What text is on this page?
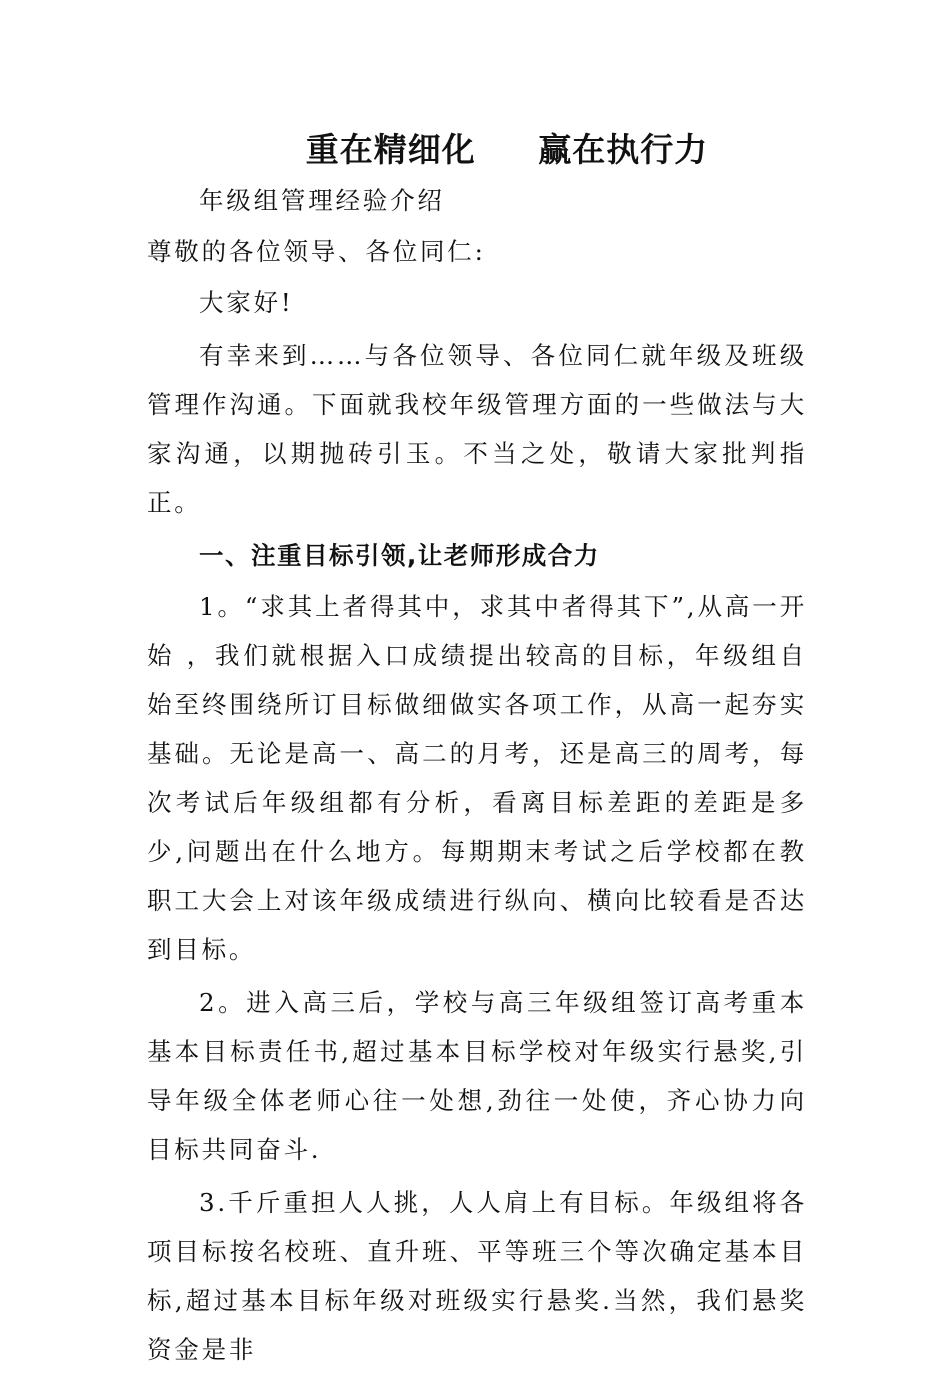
重在精细化     赢在执行力

年级组管理经验介绍

尊敬的各位领导、各位同仁:

大家好!

有幸来到……与各位领导、各位同仁就年级及班级管理作沟通。下面就我校年级管理方面的一些做法与大家沟通，以期抛砖引玉。不当之处，敬请大家批判指正。

一、注重目标引领,让老师形成合力

1。“求其上者得其中，求其中者得其下”,从高一开始 ，我们就根据入口成绩提出较高的目标，年级组自始至终围绕所订目标做细做实各项工作，从高一起夯实基础。无论是高一、高二的月考，还是高三的周考，每次考试后年级组都有分析，看离目标差距的差距是多少,问题出在什么地方。每期期末考试之后学校都在教职工大会上对该年级成绩进行纵向、横向比较看是否达到目标。

2。进入高三后，学校与高三年级组签订高考重本基本目标责任书,超过基本目标学校对年级实行悬奖,引导年级全体老师心往一处想,劲往一处使，齐心协力向目标共同奋斗.

3.千斤重担人人挑，人人肩上有目标。年级组将各项目标按名校班、直升班、平等班三个等次确定基本目标,超过基本目标年级对班级实行悬奖.当然，我们悬奖资金是非
